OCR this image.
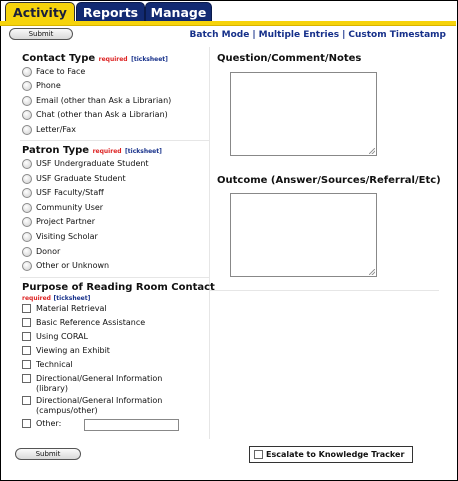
Activity	Reports	Manage
Submit	Batch Mode | Multiple Entries | Custom Timestamp
Contact Type required [ticksheet]
Face to Face
Phone
Email (other than Ask a Librarian)
Chat (other than Ask a Librarian)
Letter/Fax
Patron Type required [ticksheet]
USF Undergraduate Student
USF Graduate Student
USF Faculty/Staff
Community User
Project Partner
Visiting Scholar
Donor
Other or Unknown
Purpose of Reading Room Contact
required [ticksheet]
Material Retrieval
Basic Reference Assistance
Using CORAL
Viewing an Exhibit
Technical
Directional/General Information (library)
Directional/General Information (campus/other)
Other:
Question/Comment/Notes
Outcome (Answer/Sources/Referral/Etc)
Submit	Escalate to Knowledge Tracker
